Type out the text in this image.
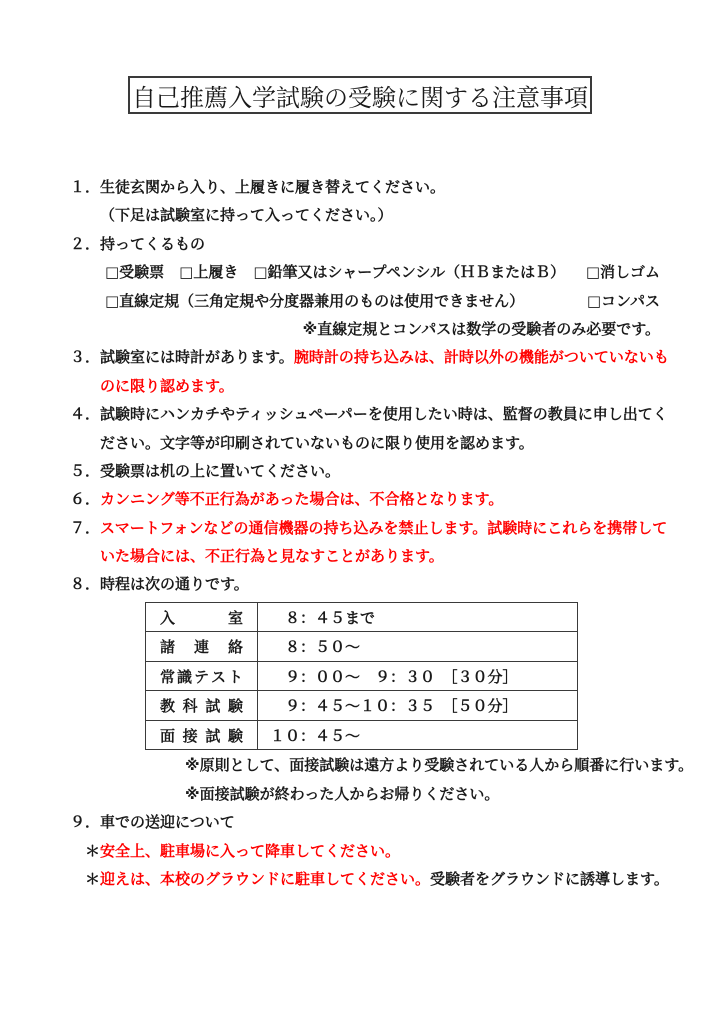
自己推薦入学試験の受験に関する注意事項
１． 生徒玄関から入り、上履きに履き替えてください。
（下足は試験室に持って入ってください。）
２． 持ってくるもの
□受験票　□上履き　□鉛筆又はシャープペンシル（ＨＢまたはＢ） □消しゴム
□直線定規（三角定規や分度器兼用のものは使用できません）	□コンパス
※直線定規とコンパスは数学の受験者のみ必要です。
３． 試験室には時計があります。腕時計の持ち込みは、計時以外の機能がついていないも
のに限り認めます。
４． 試験時にハンカチやティッシュペーパーを使用したい時は、監督の教員に申し出てく
ださい。文字等が印刷されていないものに限り使用を認めます。
５． 受験票は机の上に置いてください。
６． カンニング等不正行為があった場合は、不合格となります。
７． スマートフォンなどの通信機器の持ち込みを禁止します。試験時にこれらを携帯して
いた場合には、不正行為と見なすことがあります。
８． 時程は次の通りです。
入 室	　８：４５まで

諸 連 絡	　８：５０～

常 識 テ ス ト	　９：００～　９：３０　［３０分］

教 科 試 験	　９：４５～１０：３５　［５０分］

面 接 試 験	１０：４５～
※原則として、面接試験は遠方より受験されている人から順番に行います。
※面接試験が終わった人からお帰りください。
９． 車での送迎について
＊ 安全上、駐車場に入って降車してください。
＊ 迎えは、本校のグラウンドに駐車してください。受験者をグラウンドに誘導します。
